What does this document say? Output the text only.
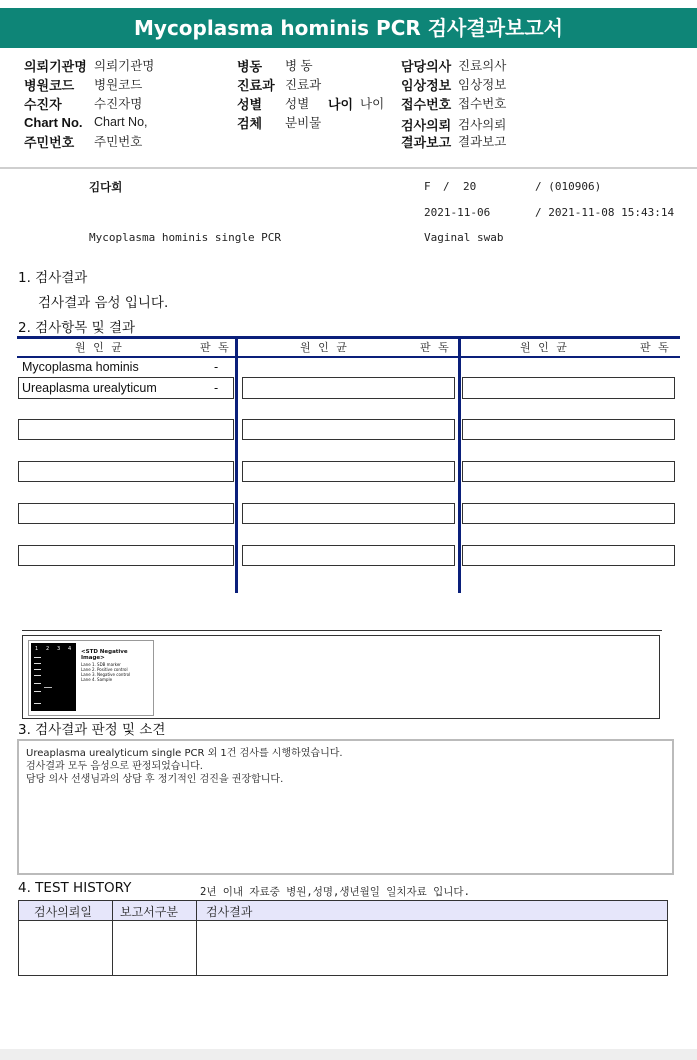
Mycoplasma hominis PCR 검사결과보고서
의뢰기관명 의뢰기관명
병원코드 병원코드
수진자	수진자명
Chart No. Chart No,
주민번호 주민번호
병동 병 동
진료과 진료과
성별 성별 나이 나이
검체 분비물
담당의사 진료의사
임상정보 임상정보
접수번호 접수번호
검사의뢰 검사의뢰
결과보고 결과보고
김다희	F / 20	/ (010906)
2021-11-06	/ 2021-11-08 15:43:14
Mycoplasma hominis single PCR	Vaginal swab
1. 검사결과
검사결과 음성 입니다.
2. 검사항목 및 결과
원 인 균	판 독	원 인 균	판 독	원 인 균	판 독
Mycoplasma hominis	-
Ureaplasma urealyticum	-
1 2 3 4 <STD Negative Image>
Lane 1. SDB marker
Lane 2. Positive control
Lane 3. Negative control
Lane 4. Sample
3. 검사결과 판정 및 소견
Ureaplasma urealyticum single PCR 외 1건 검사를 시행하였습니다.
검사결과 모두 음성으로 판정되었습니다.
담당 의사 선생님과의 상담 후 정기적인 검진을 권장합니다.
4. TEST HISTORY	2년 이내 자료중 병원,성명,생년월일 일치자료 입니다.
검사의뢰일 보고서구분 검사결과
